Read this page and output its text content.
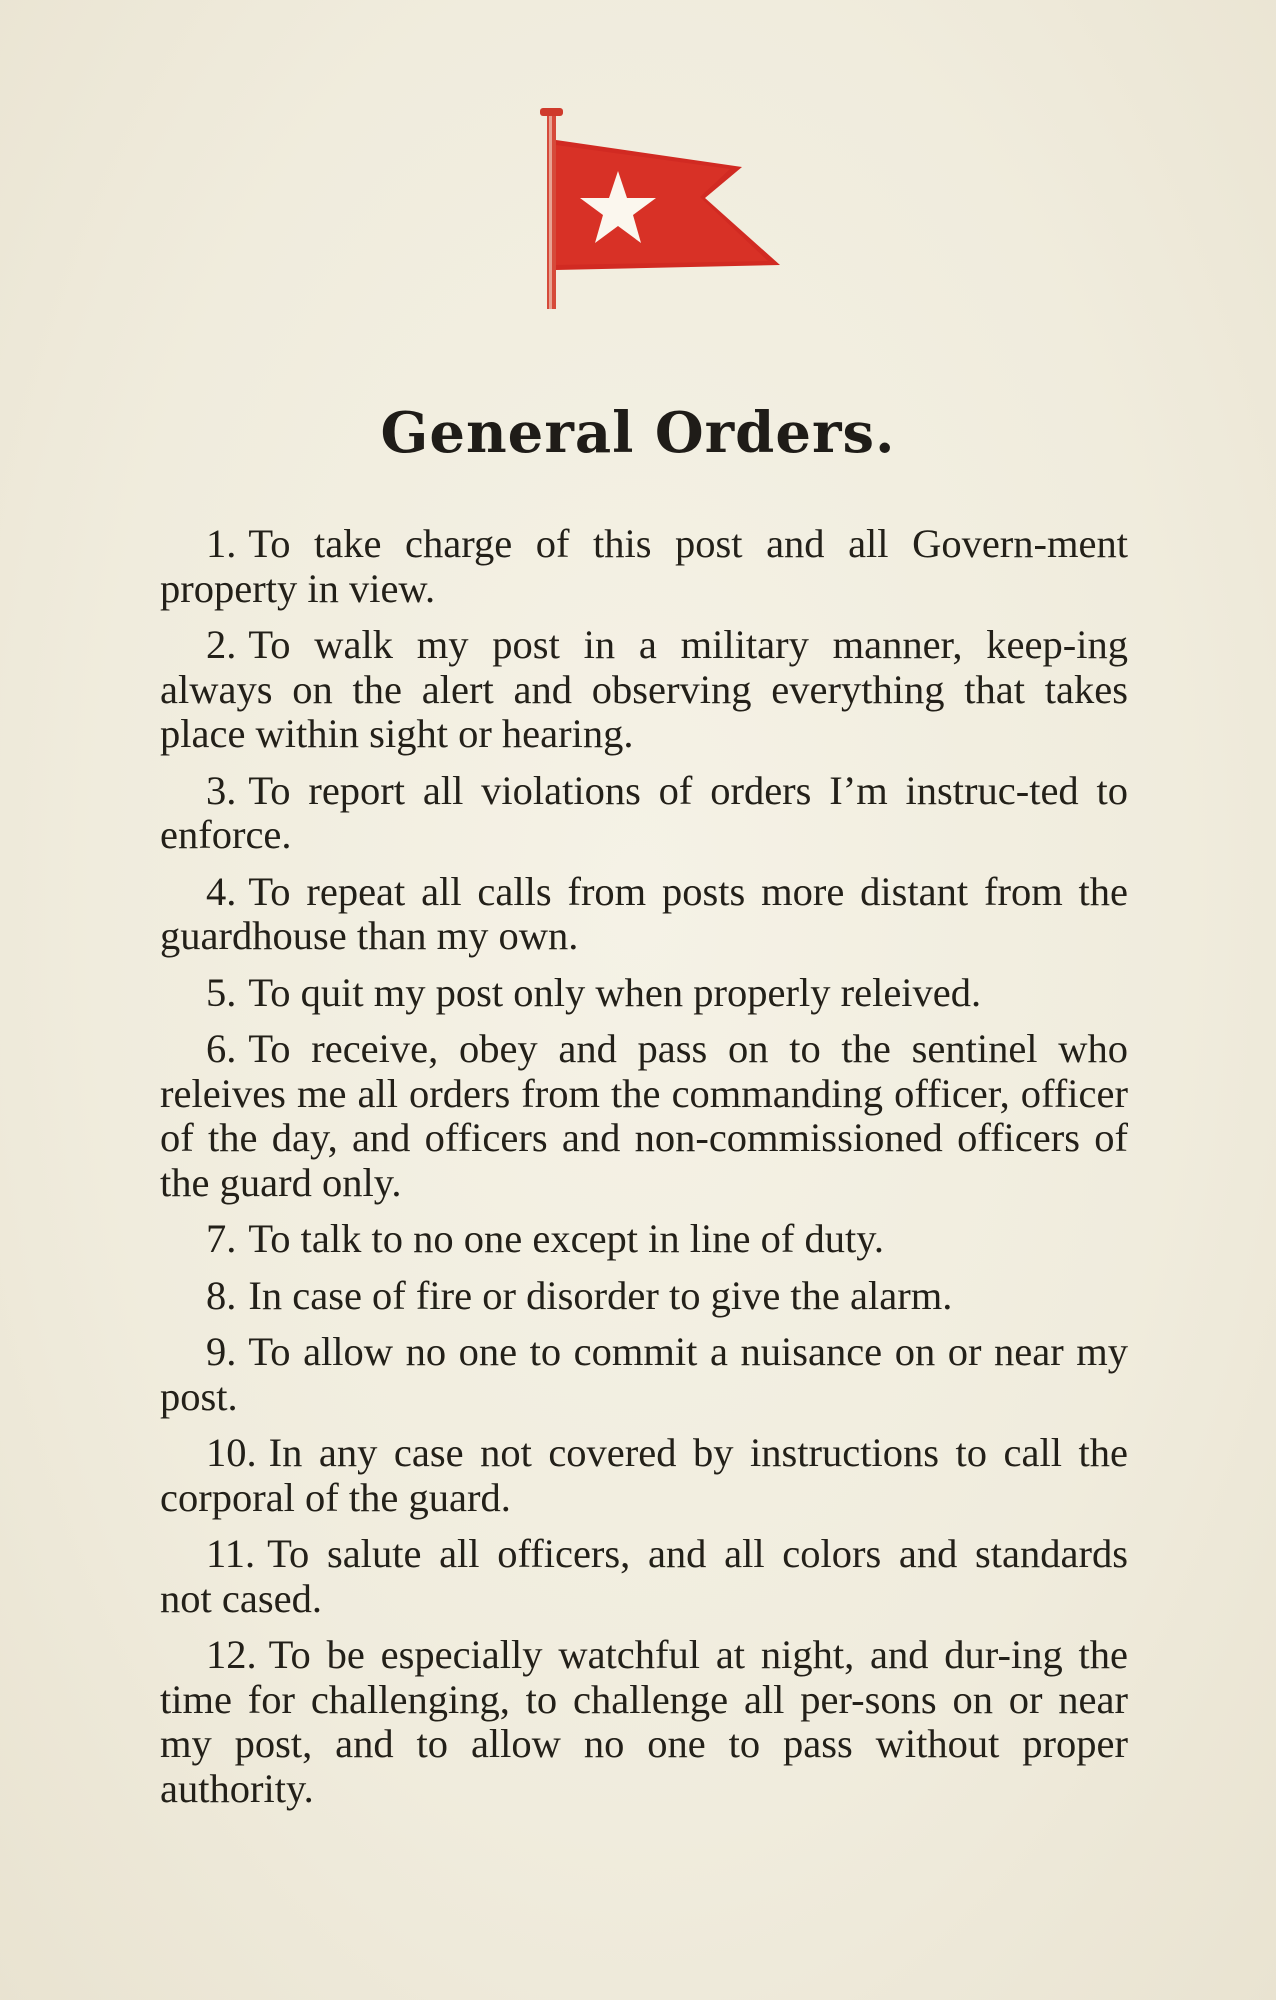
General Orders.

1. To take charge of this post and all Govern-ment property in view.

2. To walk my post in a military manner, keep-ing always on the alert and observing everything that takes place within sight or hearing.

3. To report all violations of orders I’m instruc-ted to enforce.

4. To repeat all calls from posts more distant from the guardhouse than my own.

5. To quit my post only when properly releived.

6. To receive, obey and pass on to the sentinel who releives me all orders from the commanding officer, officer of the day, and officers and non-commissioned officers of the guard only.

7. To talk to no one except in line of duty.

8. In case of fire or disorder to give the alarm.

9. To allow no one to commit a nuisance on or near my post.

10. In any case not covered by instructions to call the corporal of the guard.

11. To salute all officers, and all colors and standards not cased.

12. To be especially watchful at night, and dur-ing the time for challenging, to challenge all per-sons on or near my post, and to allow no one to pass without proper authority.
